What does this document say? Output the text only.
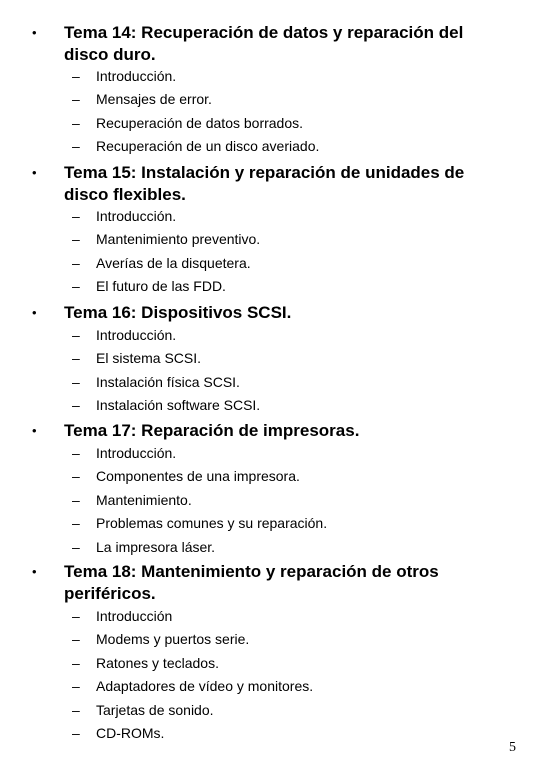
• Tema 14: Recuperación de datos y reparación del disco duro.
– Introducción.
– Mensajes de error.
– Recuperación de datos borrados.
– Recuperación de un disco averiado.
• Tema 15: Instalación y reparación de unidades de disco flexibles.
– Introducción.
– Mantenimiento preventivo.
– Averías de la disquetera.
– El futuro de las FDD.
• Tema 16: Dispositivos SCSI.
– Introducción.
– El sistema SCSI.
– Instalación física SCSI.
– Instalación software SCSI.
• Tema 17: Reparación de impresoras.
– Introducción.
– Componentes de una impresora.
– Mantenimiento.
– Problemas comunes y su reparación.
– La impresora láser.
• Tema 18: Mantenimiento y reparación de otros periféricos.
– Introducción
– Modems y puertos serie.
– Ratones y teclados.
– Adaptadores de vídeo y monitores.
– Tarjetas de sonido.
– CD-ROMs.
5
